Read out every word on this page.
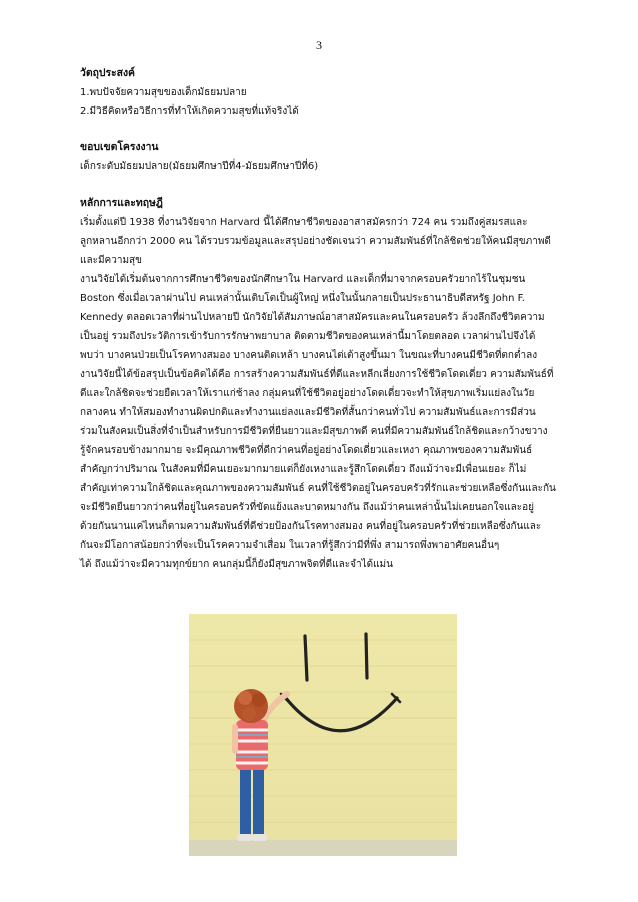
3

วัตถุประสงค์

1.พบปัจจัยความสุขของเด็กมัธยมปลาย

2.มีวิธีคิดหรือวิธีการที่ทำให้เกิดความสุขที่แท้จริงได้

ขอบเขตโครงงาน

เด็กระดับมัธยมปลาย(มัธยมศึกษาปีที่4-มัธยมศึกษาปีที่6)

หลักการและทฤษฎี

เริ่มตั้งแต่ปี 1938 ที่งานวิจัยจาก Harvard นี้ได้ศึกษาชีวิตของอาสาสมัครกว่า 724 คน รวมถึงคู่สมรสและ

ลูกหลานอีกกว่า 2000 คน ได้รวบรวมข้อมูลและสรุปอย่างชัดเจนว่า ความสัมพันธ์ที่ใกล้ชิดช่วยให้คนมีสุขภาพดี

และมีความสุข

งานวิจัยได้เริ่มต้นจากการศึกษาชีวิตของนักศึกษาใน Harvard และเด็กที่มาจากครอบครัวยากไร้ในชุมชน

Boston ซึ่งเมื่อเวลาผ่านไป คนเหล่านั้นเติบโตเป็นผู้ใหญ่ หนึ่งในนั้นกลายเป็นประธานาธิบดีสหรัฐ John F.

Kennedy ตลอดเวลาที่ผ่านไปหลายปี นักวิจัยได้สัมภาษณ์อาสาสมัครและคนในครอบครัว ล้วงลึกถึงชีวิตความ

เป็นอยู่ รวมถึงประวัติการเข้ารับการรักษาพยาบาล ติดตามชีวิตของคนเหล่านี้มาโดยตลอด เวลาผ่านไปจึงได้

พบว่า บางคนป่วยเป็นโรคทางสมอง บางคนติดเหล้า บางคนไต่เต้าสูงขึ้นมา ในขณะที่บางคนมีชีวิตที่ตกต่ำลง

งานวิจัยนี้ได้ข้อสรุปเป็นข้อคิดได้คือ การสร้างความสัมพันธ์ที่ดีและหลีกเลี่ยงการใช้ชีวิตโดดเดี่ยว ความสัมพันธ์ที่

ดีและใกล้ชิดจะช่วยยืดเวลาให้เราแก่ช้าลง กลุ่มคนที่ใช้ชีวิตอยู่อย่างโดดเดี่ยวจะทำให้สุขภาพเริ่มแย่ลงในวัย

กลางคน ทำให้สมองทำงานผิดปกติและทำงานแย่ลงและมีชีวิตที่สั้นกว่าคนทั่วไป ความสัมพันธ์และการมีส่วน

ร่วมในสังคมเป็นสิ่งที่จำเป็นสำหรับการมีชีวิตที่ยืนยาวและมีสุขภาพดี คนที่มีความสัมพันธ์ใกล้ชิดและกว้างขวาง

รู้จักคนรอบข้างมากมาย จะมีคุณภาพชีวิตที่ดีกว่าคนที่อยู่อย่างโดดเดี่ยวและเหงา คุณภาพของความสัมพันธ์

สำคัญกว่าปริมาณ ในสังคมที่มีคนเยอะมากมายแต่ก็ยังเหงาและรู้สึกโดดเดี่ยว ถึงแม้ว่าจะมีเพื่อนเยอะ ก็ไม่

สำคัญเท่าความใกล้ชิดและคุณภาพของความสัมพันธ์ คนที่ใช้ชีวิตอยู่ในครอบครัวที่รักและช่วยเหลือซึ่งกันและกัน

จะมีชีวิตยืนยาวกว่าคนที่อยู่ในครอบครัวที่ขัดแย้งและบาดหมางกัน ถึงแม้ว่าคนเหล่านั้นไม่เคยนอกใจและอยู่

ด้วยกันนานแค่ไหนก็ตามความสัมพันธ์ที่ดีช่วยป้องกันโรคทางสมอง คนที่อยู่ในครอบครัวที่ช่วยเหลือซึ่งกันและ

กันจะมีโอกาสน้อยกว่าที่จะเป็นโรคความจำเสื่อม ในเวลาที่รู้สึกว่ามีที่พึ่ง สามารถพึ่งพาอาศัยคนอื่นๆ

ได้ ถึงแม้ว่าจะมีความทุกข์ยาก คนกลุ่มนี้ก็ยังมีสุขภาพจิตที่ดีและจำได้แม่น
